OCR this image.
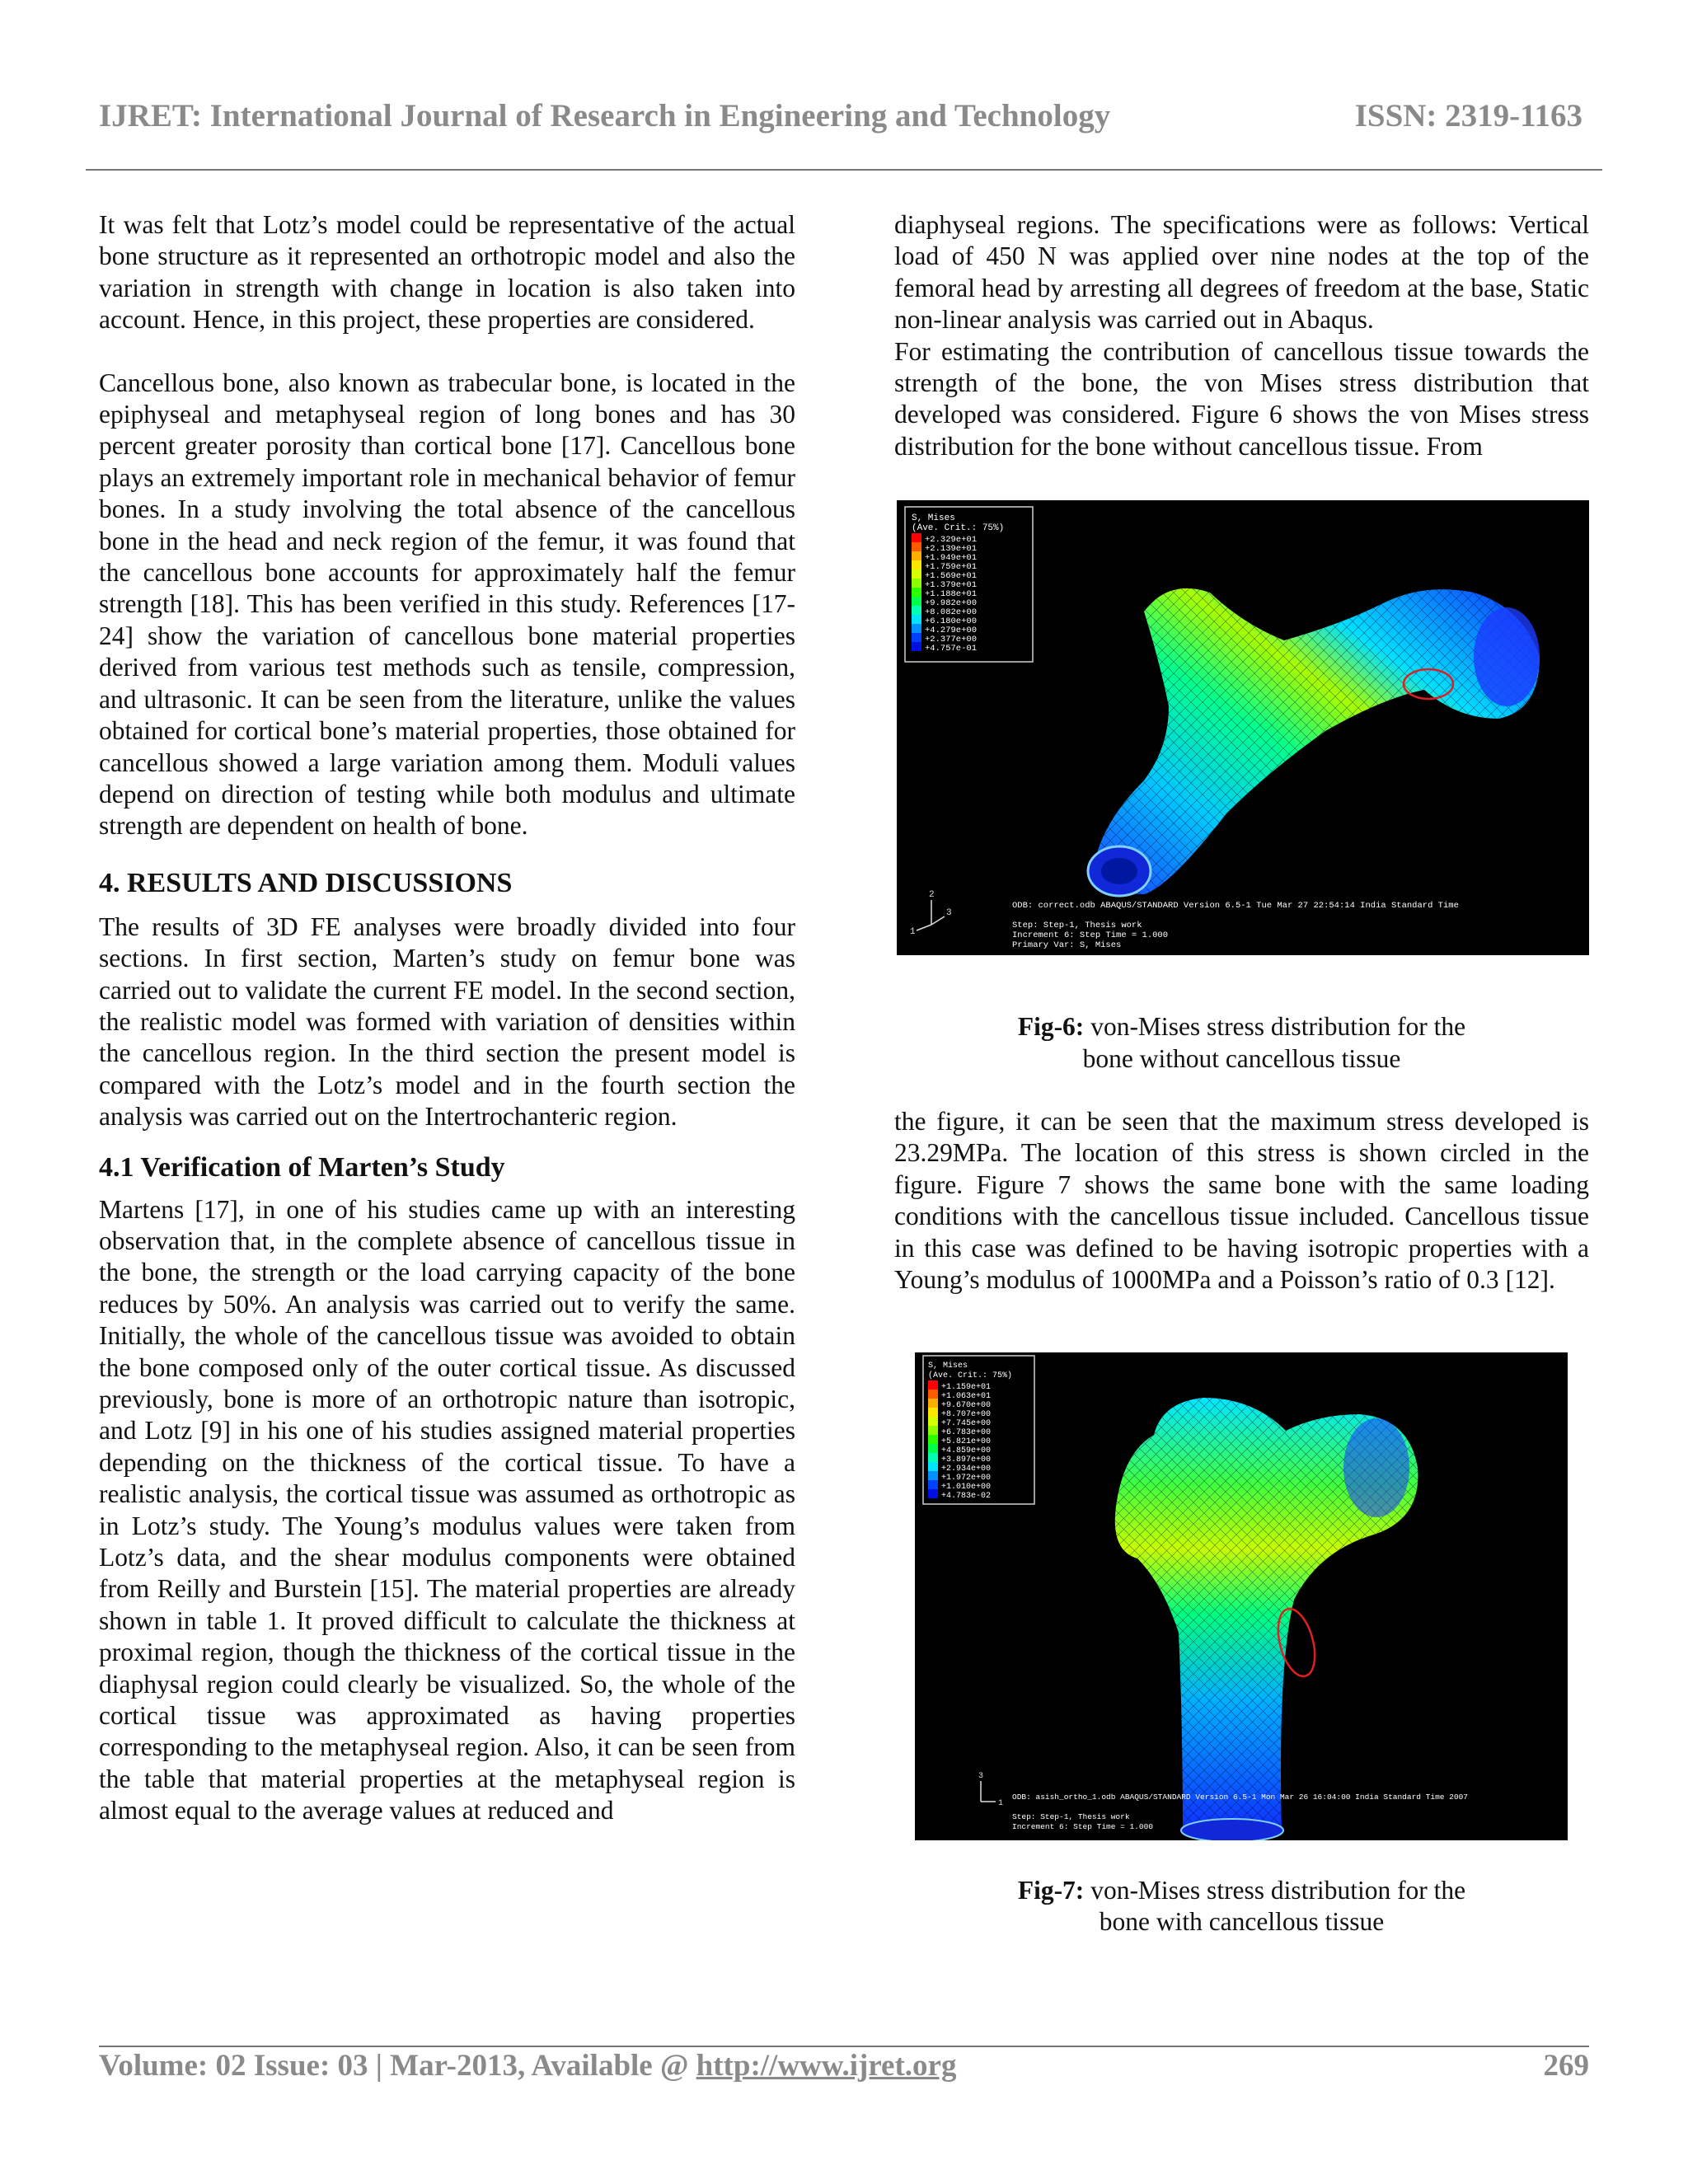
IJRET: International Journal of Research in Engineering and Technology	ISSN: 2319-1163

It was felt that Lotz’s model could be representative of the actual bone structure as it represented an orthotropic model and also the variation in strength with change in location is also taken into account. Hence, in this project, these properties are considered.

Cancellous bone, also known as trabecular bone, is located in the epiphyseal and metaphyseal region of long bones and has 30 percent greater porosity than cortical bone [17]. Cancellous bone plays an extremely important role in mechanical behavior of femur bones. In a study involving the total absence of the cancellous bone in the head and neck region of the femur, it was found that the cancellous bone accounts for approximately half the femur strength [18]. This has been verified in this study. References [17-24] show the variation of cancellous bone material properties derived from various test methods such as tensile, compression, and ultrasonic. It can be seen from the literature, unlike the values obtained for cortical bone’s material properties, those obtained for cancellous showed a large variation among them. Moduli values depend on direction of testing while both modulus and ultimate strength are dependent on health of bone.

4. RESULTS AND DISCUSSIONS

The results of 3D FE analyses were broadly divided into four sections. In first section, Marten’s study on femur bone was carried out to validate the current FE model. In the second section, the realistic model was formed with variation of densities within the cancellous region. In the third section the present model is compared with the Lotz’s model and in the fourth section the analysis was carried out on the Intertrochanteric region.

4.1 Verification of Marten’s Study

Martens [17], in one of his studies came up with an interesting observation that, in the complete absence of cancellous tissue in the bone, the strength or the load carrying capacity of the bone reduces by 50%. An analysis was carried out to verify the same. Initially, the whole of the cancellous tissue was avoided to obtain the bone composed only of the outer cortical tissue. As discussed previously, bone is more of an orthotropic nature than isotropic, and Lotz [9] in his one of his studies assigned material properties depending on the thickness of the cortical tissue. To have a realistic analysis, the cortical tissue was assumed as orthotropic as in Lotz’s study. The Young’s modulus values were taken from Lotz’s data, and the shear modulus components were obtained from Reilly and Burstein [15]. The material properties are already shown in table 1. It proved difficult to calculate the thickness at proximal region, though the thickness of the cortical tissue in the diaphysal region could clearly be visualized. So, the whole of the cortical tissue was approximated as having properties corresponding to the metaphyseal region. Also, it can be seen from the table that material properties at the metaphyseal region is almost equal to the average values at reduced and

diaphyseal regions. The specifications were as follows: Vertical load of 450 N was applied over nine nodes at the top of the femoral head by arresting all degrees of freedom at the base, Static non-linear analysis was carried out in Abaqus.

For estimating the contribution of cancellous tissue towards the strength of the bone, the von Mises stress distribution that developed was considered. Figure 6 shows the von Mises stress distribution for the bone without cancellous tissue. From

S, Mises
(Ave. Crit.: 75%)
+2.329e+01
+2.139e+01
+1.949e+01
+1.759e+01
+1.569e+01
+1.379e+01
+1.188e+01
+9.982e+00
+8.082e+00
+6.180e+00
+4.279e+00
+2.377e+00
+4.757e-01
2
1
3
ODB: correct.odb ABAQUS/STANDARD Version 6.5-1 Tue Mar 27 22:54:14 India Standard Time
Step: Step-1, Thesis work
Increment 6: Step Time = 1.000
Primary Var: S, Mises
Fig-6: von-Mises stress distribution for the
bone without cancellous tissue

the figure, it can be seen that the maximum stress developed is 23.29MPa. The location of this stress is shown circled in the figure. Figure 7 shows the same bone with the same loading conditions with the cancellous tissue included. Cancellous tissue in this case was defined to be having isotropic properties with a Young’s modulus of 1000MPa and a Poisson’s ratio of 0.3 [12].

S, Mises
(Ave. Crit.: 75%)
+1.159e+01
+1.063e+01
+9.670e+00
+8.707e+00
+7.745e+00
+6.783e+00
+5.821e+00
+4.859e+00
+3.897e+00
+2.934e+00
+1.972e+00
+1.010e+00
+4.783e-02
3
1
ODB: asish_ortho_1.odb ABAQUS/STANDARD Version 6.5-1 Mon Mar 26 16:04:00 India Standard Time 2007
Step: Step-1, Thesis work
Increment 6: Step Time = 1.000
Fig-7: von-Mises stress distribution for the
bone with cancellous tissue
Volume: 02 Issue: 03 | Mar-2013, Available @ http://www.ijret.org	269
